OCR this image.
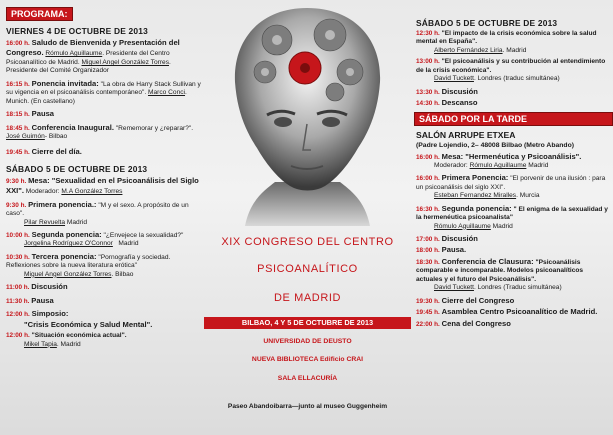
PROGRAMA:
VIERNES 4 DE OCTUBRE DE 2013
16:00 h. Saludo de Bienvenida y Presentación del Congreso. Rómulo Aguillaume. Presidente del Centro Psicoanalítico de Madrid. Miguel Angel González Torres. Presidente del Comité Organizador
16:15 h. Ponencia invitada: "La obra de Harry Stack Sullivan y su vigencia en el psicoanálisis contemporáneo". Marco Conci. Munich. (En castellano)
18:15 h. Pausa
18:45 h. Conferencia Inaugural. "Rememorar y ¿reparar?". José Guimón- Bilbao
19:45 h. Cierre del día.
SÁBADO 5 DE OCTUBRE DE 2013
9:30 h. Mesa: "Sexualidad en el Psicoanálisis del Siglo XXI". Moderador: M.A González Torres
9:30 h. Primera ponencia.: "M y el sexo. A propósito de un caso".
Pilar Revuelta Madrid
10:00 h. Segunda ponencia: "¿Envejece la sexualidad?"
Jorgelina Rodríguez O'Connor Madrid
10:30 h. Tercera ponencia: "Pornografía y sociedad. Reflexiones sobre la nueva literatura erótica"
Miguel Angel González Torres. Bilbao
11:00 h. Discusión
11:30 h. Pausa
12:00 h. Simposio:
"Crisis Económica y Salud Mental".
12:00 h. "Situación económica actual".
Mikel Tapia. Madrid
XIX CONGRESO DEL CENTRO
PSICOANALÍTICO
DE MADRID
BILBAO, 4 Y 5 DE OCTUBRE DE 2013
UNIVERSIDAD DE DEUSTO
NUEVA BIBLIOTECA Edificio CRAI
SALA ELLACURÍA
Paseo Abandoibarra—junto al museo Guggenheim
SÁBADO 5 DE OCTUBRE DE 2013
12:30 h. "El impacto de la crisis económica sobre la salud mental en España".
Alberto Fernández Liria. Madrid
13:00 h. "El psicoanálisis y su contribución al entendimiento de la crisis económica".
David Tuckett. Londres (traduc simultánea)
13:30 h. Discusión
14:30 h. Descanso
SÁBADO POR LA TARDE
SALÓN ARRUPE ETXEA
(Padre Lojendio, 2– 48008 Bilbao (Metro Abando)
16:00 h. Mesa: "Hermenéutica y Psicoanálisis".
Moderador: Rómulo Aguillaume Madrid
16:00 h. Primera Ponencia: "El porvenir de una ilusión : para un psicoanálisis del siglo XXI".
Esteban Fernandez Miralles. Murcia
16:30 h. Segunda ponencia: " El enigma de la sexualidad y la hermenéutica psicoanalista"
Rómulo Aguillaume Madrid
17:00 h. Discusión
18:00 h. Pausa.
18:30 h. Conferencia de Clausura: "Psicoanálisis comparable e incomparable. Modelos psicoanalíticos actuales y el futuro del Psicoanálisis".
David Tuckett. Londres (Traduc simultánea)
19:30 h. Cierre del Congreso
19:45 h. Asamblea Centro Psicoanalítico de Madrid.
22:00 h. Cena del Congreso
